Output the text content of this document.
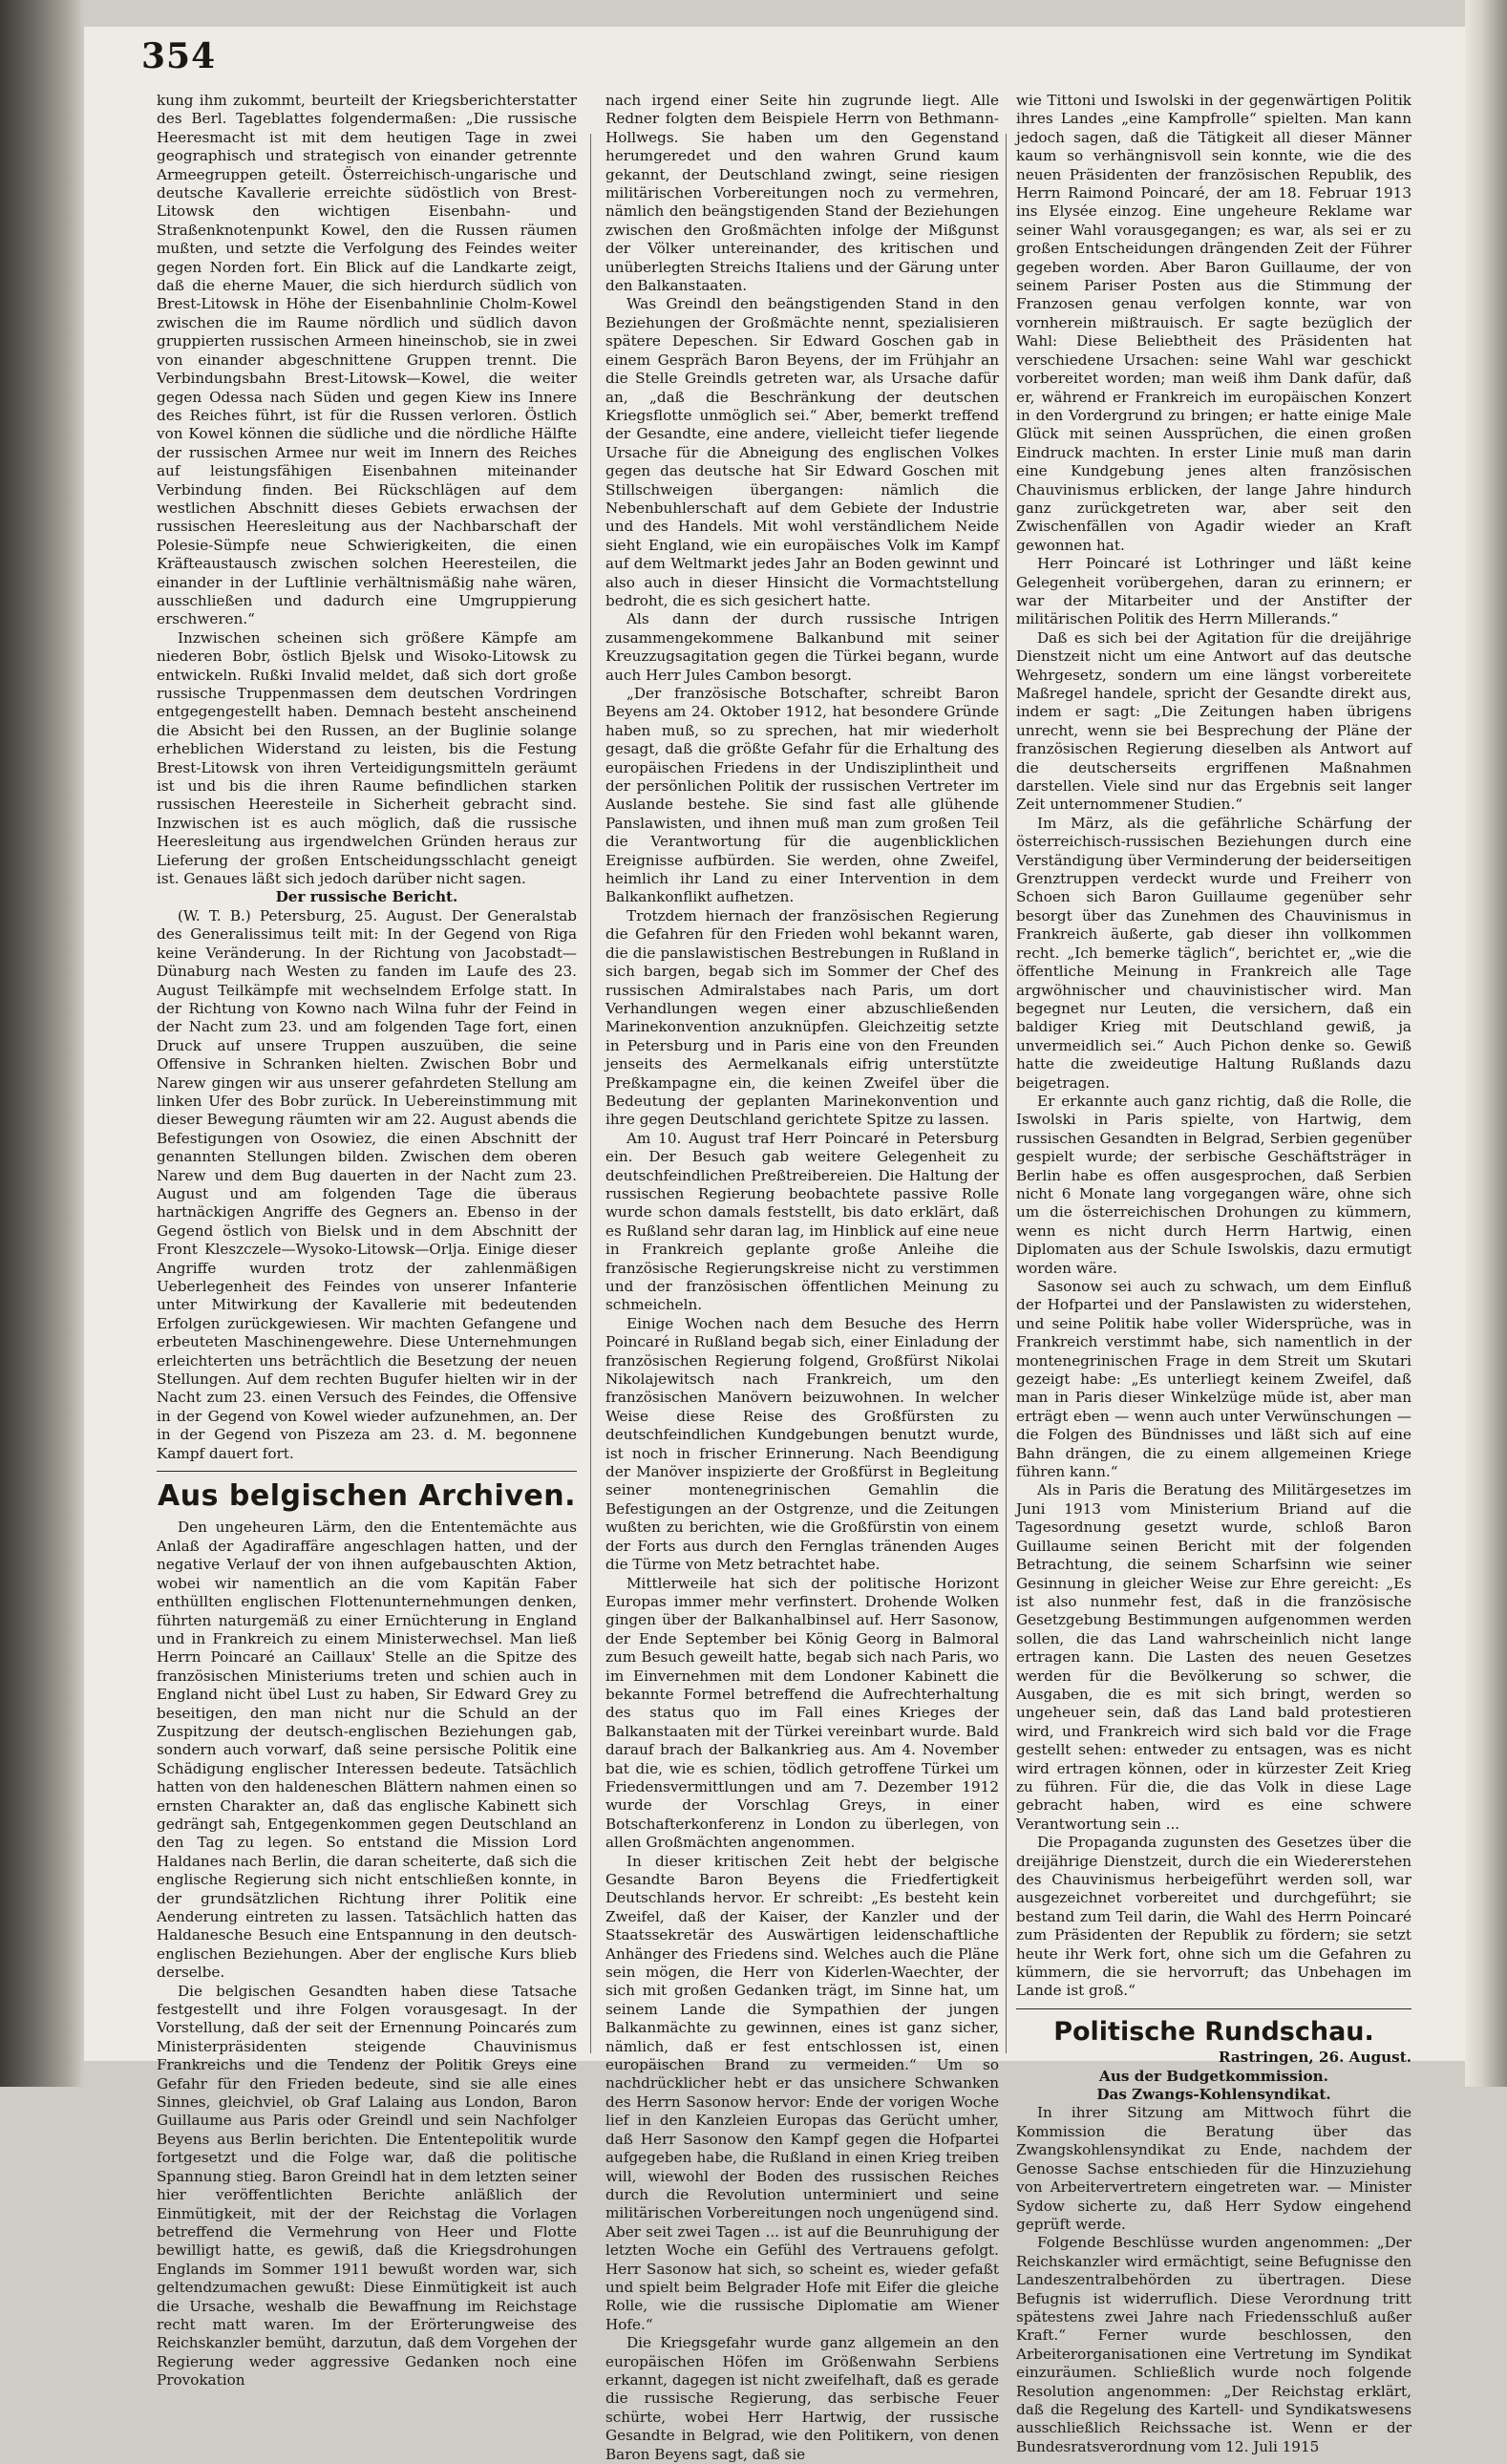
354

kung ihm zukommt, beurteilt der Kriegsberichterstatter des Berl. Tageblattes folgendermaßen: „Die russische Heeresmacht ist mit dem heutigen Tage in zwei geographisch und strategisch von einander getrennte Armeegruppen geteilt. Österreichisch-ungarische und deutsche Kavallerie erreichte südöstlich von Brest-Litowsk den wichtigen Eisenbahn- und Straßenknotenpunkt Kowel, den die Russen räumen mußten, und setzte die Verfolgung des Feindes weiter gegen Norden fort. Ein Blick auf die Landkarte zeigt, daß die eherne Mauer, die sich hierdurch südlich von Brest-Litowsk in Höhe der Eisenbahnlinie Cholm-Kowel zwischen die im Raume nördlich und südlich davon gruppierten russischen Armeen hineinschob, sie in zwei von einander abgeschnittene Gruppen trennt. Die Verbindungsbahn Brest-Litowsk—Kowel, die weiter gegen Odessa nach Süden und gegen Kiew ins Innere des Reiches führt, ist für die Russen verloren. Östlich von Kowel können die südliche und die nördliche Hälfte der russischen Armee nur weit im Innern des Reiches auf leistungsfähigen Eisenbahnen miteinander Verbindung finden. Bei Rückschlägen auf dem westlichen Abschnitt dieses Gebiets erwachsen der russischen Heeresleitung aus der Nachbarschaft der Polesie-Sümpfe neue Schwierigkeiten, die einen Kräfteaustausch zwischen solchen Heeresteilen, die einander in der Luftlinie verhältnismäßig nahe wären, ausschließen und dadurch eine Umgruppierung erschweren.“

Inzwischen scheinen sich größere Kämpfe am niederen Bobr, östlich Bjelsk und Wisoko-Litowsk zu entwickeln. Rußki Invalid meldet, daß sich dort große russische Truppenmassen dem deutschen Vordringen entgegengestellt haben. Demnach besteht anscheinend die Absicht bei den Russen, an der Buglinie solange erheblichen Widerstand zu leisten, bis die Festung Brest-Litowsk von ihren Verteidigungsmitteln geräumt ist und bis die ihren Raume befindlichen starken russischen Heeresteile in Sicherheit gebracht sind. Inzwischen ist es auch möglich, daß die russische Heeresleitung aus irgendwelchen Gründen heraus zur Lieferung der großen Entscheidungsschlacht geneigt ist. Genaues läßt sich jedoch darüber nicht sagen.

Der russische Bericht.

(W. T. B.) Petersburg, 25. August. Der Generalstab des Generalissimus teilt mit: In der Gegend von Riga keine Veränderung. In der Richtung von Jacobstadt—Dünaburg nach Westen zu fanden im Laufe des 23. August Teilkämpfe mit wechselndem Erfolge statt. In der Richtung von Kowno nach Wilna fuhr der Feind in der Nacht zum 23. und am folgenden Tage fort, einen Druck auf unsere Truppen auszuüben, die seine Offensive in Schranken hielten. Zwischen Bobr und Narew gingen wir aus unserer gefahrdeten Stellung am linken Ufer des Bobr zurück. In Uebereinstimmung mit dieser Bewegung räumten wir am 22. August abends die Befestigungen von Osowiez, die einen Abschnitt der genannten Stellungen bilden. Zwischen dem oberen Narew und dem Bug dauerten in der Nacht zum 23. August und am folgenden Tage die überaus hartnäckigen Angriffe des Gegners an. Ebenso in der Gegend östlich von Bielsk und in dem Abschnitt der Front Kleszczele—Wysoko-Litowsk—Orlja. Einige dieser Angriffe wurden trotz der zahlenmäßigen Ueberlegenheit des Feindes von unserer Infanterie unter Mitwirkung der Kavallerie mit bedeutenden Erfolgen zurückgewiesen. Wir machten Gefangene und erbeuteten Maschinengewehre. Diese Unternehmungen erleichterten uns beträchtlich die Besetzung der neuen Stellungen. Auf dem rechten Bugufer hielten wir in der Nacht zum 23. einen Versuch des Feindes, die Offensive in der Gegend von Kowel wieder aufzunehmen, an. Der in der Gegend von Piszeza am 23. d. M. begonnene Kampf dauert fort.

Aus belgischen Archiven.

Den ungeheuren Lärm, den die Ententemächte aus Anlaß der Agadiraffäre angeschlagen hatten, und der negative Verlauf der von ihnen aufgebauschten Aktion, wobei wir namentlich an die vom Kapitän Faber enthüllten englischen Flottenunternehmungen denken, führten naturgemäß zu einer Ernüchterung in England und in Frankreich zu einem Ministerwechsel. Man ließ Herrn Poincaré an Caillaux' Stelle an die Spitze des französischen Ministeriums treten und schien auch in England nicht übel Lust zu haben, Sir Edward Grey zu beseitigen, den man nicht nur die Schuld an der Zuspitzung der deutsch-englischen Beziehungen gab, sondern auch vorwarf, daß seine persische Politik eine Schädigung englischer Interessen bedeute. Tatsächlich hatten von den haldeneschen Blättern nahmen einen so ernsten Charakter an, daß das englische Kabinett sich gedrängt sah, Entgegenkommen gegen Deutschland an den Tag zu legen. So entstand die Mission Lord Haldanes nach Berlin, die daran scheiterte, daß sich die englische Regierung sich nicht entschließen konnte, in der grundsätzlichen Richtung ihrer Politik eine Aenderung eintreten zu lassen. Tatsächlich hatten das Haldanesche Besuch eine Entspannung in den deutsch-englischen Beziehungen. Aber der englische Kurs blieb derselbe.

Die belgischen Gesandten haben diese Tatsache festgestellt und ihre Folgen vorausgesagt. In der Vorstellung, daß der seit der Ernennung Poincarés zum Ministerpräsidenten steigende Chauvinismus Frankreichs und die Tendenz der Politik Greys eine Gefahr für den Frieden bedeute, sind sie alle eines Sinnes, gleichviel, ob Graf Lalaing aus London, Baron Guillaume aus Paris oder Greindl und sein Nachfolger Beyens aus Berlin berichten. Die Ententepolitik wurde fortgesetzt und die Folge war, daß die politische Spannung stieg. Baron Greindl hat in dem letzten seiner hier veröffentlichten Berichte anläßlich der Einmütigkeit, mit der der Reichstag die Vorlagen betreffend die Vermehrung von Heer und Flotte bewilligt hatte, es gewiß, daß die Kriegsdrohungen Englands im Sommer 1911 bewußt worden war, sich geltendzumachen gewußt: Diese Einmütigkeit ist auch die Ursache, weshalb die Bewaffnung im Reichstage recht matt waren. Im der Erörterungweise des Reichskanzler bemüht, darzutun, daß dem Vorgehen der Regierung weder aggressive Gedanken noch eine Provokation

nach irgend einer Seite hin zugrunde liegt. Alle Redner folgten dem Beispiele Herrn von Bethmann-Hollwegs. Sie haben um den Gegenstand herumgeredet und den wahren Grund kaum gekannt, der Deutschland zwingt, seine riesigen militärischen Vorbereitungen noch zu vermehren, nämlich den beängstigenden Stand der Beziehungen zwischen den Großmächten infolge der Mißgunst der Völker untereinander, des kritischen und unüberlegten Streichs Italiens und der Gärung unter den Balkanstaaten.

Was Greindl den beängstigenden Stand in den Beziehungen der Großmächte nennt, spezialisieren spätere Depeschen. Sir Edward Goschen gab in einem Gespräch Baron Beyens, der im Frühjahr an die Stelle Greindls getreten war, als Ursache dafür an, „daß die Beschränkung der deutschen Kriegsflotte unmöglich sei.“ Aber, bemerkt treffend der Gesandte, eine andere, vielleicht tiefer liegende Ursache für die Abneigung des englischen Volkes gegen das deutsche hat Sir Edward Goschen mit Stillschweigen übergangen: nämlich die Nebenbuhlerschaft auf dem Gebiete der Industrie und des Handels. Mit wohl verständlichem Neide sieht England, wie ein europäisches Volk im Kampf auf dem Weltmarkt jedes Jahr an Boden gewinnt und also auch in dieser Hinsicht die Vormachtstellung bedroht, die es sich gesichert hatte.

Als dann der durch russische Intrigen zusammengekommene Balkanbund mit seiner Kreuzzugsagitation gegen die Türkei begann, wurde auch Herr Jules Cambon besorgt.

„Der französische Botschafter, schreibt Baron Beyens am 24. Oktober 1912, hat besondere Gründe haben muß, so zu sprechen, hat mir wiederholt gesagt, daß die größte Gefahr für die Erhaltung des europäischen Friedens in der Undisziplintheit und der persönlichen Politik der russischen Vertreter im Auslande bestehe. Sie sind fast alle glühende Panslawisten, und ihnen muß man zum großen Teil die Verantwortung für die augenblicklichen Ereignisse aufbürden. Sie werden, ohne Zweifel, heimlich ihr Land zu einer Intervention in dem Balkankonflikt aufhetzen.

Trotzdem hiernach der französischen Regierung die Gefahren für den Frieden wohl bekannt waren, die die panslawistischen Bestrebungen in Rußland in sich bargen, begab sich im Sommer der Chef des russischen Admiralstabes nach Paris, um dort Verhandlungen wegen einer abzuschließenden Marinekonvention anzuknüpfen. Gleichzeitig setzte in Petersburg und in Paris eine von den Freunden jenseits des Aermelkanals eifrig unterstützte Preßkampagne ein, die keinen Zweifel über die Bedeutung der geplanten Marinekonvention und ihre gegen Deutschland gerichtete Spitze zu lassen.

Am 10. August traf Herr Poincaré in Petersburg ein. Der Besuch gab weitere Gelegenheit zu deutschfeindlichen Preßtreibereien. Die Haltung der russischen Regierung beobachtete passive Rolle wurde schon damals feststellt, bis dato erklärt, daß es Rußland sehr daran lag, im Hinblick auf eine neue in Frankreich geplante große Anleihe die französische Regierungskreise nicht zu verstimmen und der französischen öffentlichen Meinung zu schmeicheln.

Einige Wochen nach dem Besuche des Herrn Poincaré in Rußland begab sich, einer Einladung der französischen Regierung folgend, Großfürst Nikolai Nikolajewitsch nach Frankreich, um den französischen Manövern beizuwohnen. In welcher Weise diese Reise des Großfürsten zu deutschfeindlichen Kundgebungen benutzt wurde, ist noch in frischer Erinnerung. Nach Beendigung der Manöver inspizierte der Großfürst in Begleitung seiner montenegrinischen Gemahlin die Befestigungen an der Ostgrenze, und die Zeitungen wußten zu berichten, wie die Großfürstin von einem der Forts aus durch den Fernglas tränenden Auges die Türme von Metz betrachtet habe.

Mittlerweile hat sich der politische Horizont Europas immer mehr verfinstert. Drohende Wolken gingen über der Balkanhalbinsel auf. Herr Sasonow, der Ende September bei König Georg in Balmoral zum Besuch geweilt hatte, begab sich nach Paris, wo im Einvernehmen mit dem Londoner Kabinett die bekannte Formel betreffend die Aufrechterhaltung des status quo im Fall eines Krieges der Balkanstaaten mit der Türkei vereinbart wurde. Bald darauf brach der Balkankrieg aus. Am 4. November bat die, wie es schien, tödlich getroffene Türkei um Friedensvermittlungen und am 7. Dezember 1912 wurde der Vorschlag Greys, in einer Botschafterkonferenz in London zu überlegen, von allen Großmächten angenommen.

In dieser kritischen Zeit hebt der belgische Gesandte Baron Beyens die Friedfertigkeit Deutschlands hervor. Er schreibt: „Es besteht kein Zweifel, daß der Kaiser, der Kanzler und der Staatssekretär des Auswärtigen leidenschaftliche Anhänger des Friedens sind. Welches auch die Pläne sein mögen, die Herr von Kiderlen-Waechter, der sich mit großen Gedanken trägt, im Sinne hat, um seinem Lande die Sympathien der jungen Balkanmächte zu gewinnen, eines ist ganz sicher, nämlich, daß er fest entschlossen ist, einen europäischen Brand zu vermeiden.“ Um so nachdrücklicher hebt er das unsichere Schwanken des Herrn Sasonow hervor: Ende der vorigen Woche lief in den Kanzleien Europas das Gerücht umher, daß Herr Sasonow den Kampf gegen die Hofpartei aufgegeben habe, die Rußland in einen Krieg treiben will, wiewohl der Boden des russischen Reiches durch die Revolution unterminiert und seine militärischen Vorbereitungen noch ungenügend sind. Aber seit zwei Tagen ... ist auf die Beunruhigung der letzten Woche ein Gefühl des Vertrauens gefolgt. Herr Sasonow hat sich, so scheint es, wieder gefaßt und spielt beim Belgrader Hofe mit Eifer die gleiche Rolle, wie die russische Diplomatie am Wiener Hofe.“

Die Kriegsgefahr wurde ganz allgemein an den europäischen Höfen im Größenwahn Serbiens erkannt, dagegen ist nicht zweifelhaft, daß es gerade die russische Regierung, das serbische Feuer schürte, wobei Herr Hartwig, der russische Gesandte in Belgrad, wie den Politikern, von denen Baron Beyens sagt, daß sie

wie Tittoni und Iswolski in der gegenwärtigen Politik ihres Landes „eine Kampfrolle“ spielten. Man kann jedoch sagen, daß die Tätigkeit all dieser Männer kaum so verhängnisvoll sein konnte, wie die des neuen Präsidenten der französischen Republik, des Herrn Raimond Poincaré, der am 18. Februar 1913 ins Elysée einzog. Eine ungeheure Reklame war seiner Wahl vorausgegangen; es war, als sei er zu großen Entscheidungen drängenden Zeit der Führer gegeben worden. Aber Baron Guillaume, der von seinem Pariser Posten aus die Stimmung der Franzosen genau verfolgen konnte, war von vornherein mißtrauisch. Er sagte bezüglich der Wahl: Diese Beliebtheit des Präsidenten hat verschiedene Ursachen: seine Wahl war geschickt vorbereitet worden; man weiß ihm Dank dafür, daß er, während er Frankreich im europäischen Konzert in den Vordergrund zu bringen; er hatte einige Male Glück mit seinen Aussprüchen, die einen großen Eindruck machten. In erster Linie muß man darin eine Kundgebung jenes alten französischen Chauvinismus erblicken, der lange Jahre hindurch ganz zurückgetreten war, aber seit den Zwischenfällen von Agadir wieder an Kraft gewonnen hat.

Herr Poincaré ist Lothringer und läßt keine Gelegenheit vorübergehen, daran zu erinnern; er war der Mitarbeiter und der Anstifter der militärischen Politik des Herrn Millerands.“

Daß es sich bei der Agitation für die dreijährige Dienstzeit nicht um eine Antwort auf das deutsche Wehrgesetz, sondern um eine längst vorbereitete Maßregel handele, spricht der Gesandte direkt aus, indem er sagt: „Die Zeitungen haben übrigens unrecht, wenn sie bei Besprechung der Pläne der französischen Regierung dieselben als Antwort auf die deutscherseits ergriffenen Maßnahmen darstellen. Viele sind nur das Ergebnis seit langer Zeit unternommener Studien.“

Im März, als die gefährliche Schärfung der österreichisch-russischen Beziehungen durch eine Verständigung über Verminderung der beiderseitigen Grenztruppen verdeckt wurde und Freiherr von Schoen sich Baron Guillaume gegenüber sehr besorgt über das Zunehmen des Chauvinismus in Frankreich äußerte, gab dieser ihn vollkommen recht. „Ich bemerke täglich“, berichtet er, „wie die öffentliche Meinung in Frankreich alle Tage argwöhnischer und chauvinistischer wird. Man begegnet nur Leuten, die versichern, daß ein baldiger Krieg mit Deutschland gewiß, ja unvermeidlich sei.“ Auch Pichon denke so. Gewiß hatte die zweideutige Haltung Rußlands dazu beigetragen.

Er erkannte auch ganz richtig, daß die Rolle, die Iswolski in Paris spielte, von Hartwig, dem russischen Gesandten in Belgrad, Serbien gegenüber gespielt wurde; der serbische Geschäftsträger in Berlin habe es offen ausgesprochen, daß Serbien nicht 6 Monate lang vorgegangen wäre, ohne sich um die österreichischen Drohungen zu kümmern, wenn es nicht durch Herrn Hartwig, einen Diplomaten aus der Schule Iswolskis, dazu ermutigt worden wäre.

Sasonow sei auch zu schwach, um dem Einfluß der Hofpartei und der Panslawisten zu widerstehen, und seine Politik habe voller Widersprüche, was in Frankreich verstimmt habe, sich namentlich in der montenegrinischen Frage in dem Streit um Skutari gezeigt habe: „Es unterliegt keinem Zweifel, daß man in Paris dieser Winkelzüge müde ist, aber man erträgt eben — wenn auch unter Verwünschungen — die Folgen des Bündnisses und läßt sich auf eine Bahn drängen, die zu einem allgemeinen Kriege führen kann.“

Als in Paris die Beratung des Militärgesetzes im Juni 1913 vom Ministerium Briand auf die Tagesordnung gesetzt wurde, schloß Baron Guillaume seinen Bericht mit der folgenden Betrachtung, die seinem Scharfsinn wie seiner Gesinnung in gleicher Weise zur Ehre gereicht: „Es ist also nunmehr fest, daß in die französische Gesetzgebung Bestimmungen aufgenommen werden sollen, die das Land wahrscheinlich nicht lange ertragen kann. Die Lasten des neuen Gesetzes werden für die Bevölkerung so schwer, die Ausgaben, die es mit sich bringt, werden so ungeheuer sein, daß das Land bald protestieren wird, und Frankreich wird sich bald vor die Frage gestellt sehen: entweder zu entsagen, was es nicht wird ertragen können, oder in kürzester Zeit Krieg zu führen. Für die, die das Volk in diese Lage gebracht haben, wird es eine schwere Verantwortung sein ...

Die Propaganda zugunsten des Gesetzes über die dreijährige Dienstzeit, durch die ein Wiedererstehen des Chauvinismus herbeigeführt werden soll, war ausgezeichnet vorbereitet und durchgeführt; sie bestand zum Teil darin, die Wahl des Herrn Poincaré zum Präsidenten der Republik zu fördern; sie setzt heute ihr Werk fort, ohne sich um die Gefahren zu kümmern, die sie hervorruft; das Unbehagen im Lande ist groß.“

Politische Rundschau.

Rastringen, 26. August.

Aus der Budgetkommission.

Das Zwangs-Kohlensyndikat.

In ihrer Sitzung am Mittwoch führt die Kommission die Beratung über das Zwangskohlensyndikat zu Ende, nachdem der Genosse Sachse entschieden für die Hinzuziehung von Arbeitervertretern eingetreten war. — Minister Sydow sicherte zu, daß Herr Sydow eingehend geprüft werde.

Folgende Beschlüsse wurden angenommen: „Der Reichskanzler wird ermächtigt, seine Befugnisse den Landeszentralbehörden zu übertragen. Diese Befugnis ist widerruflich. Diese Verordnung tritt spätestens zwei Jahre nach Friedensschluß außer Kraft.“ Ferner wurde beschlossen, den Arbeiterorganisationen eine Vertretung im Syndikat einzuräumen. Schließlich wurde noch folgende Resolution angenommen: „Der Reichstag erklärt, daß die Regelung des Kartell- und Syndikatswesens ausschließlich Reichssache ist. Wenn er der Bundesratsverordnung vom 12. Juli 1915
